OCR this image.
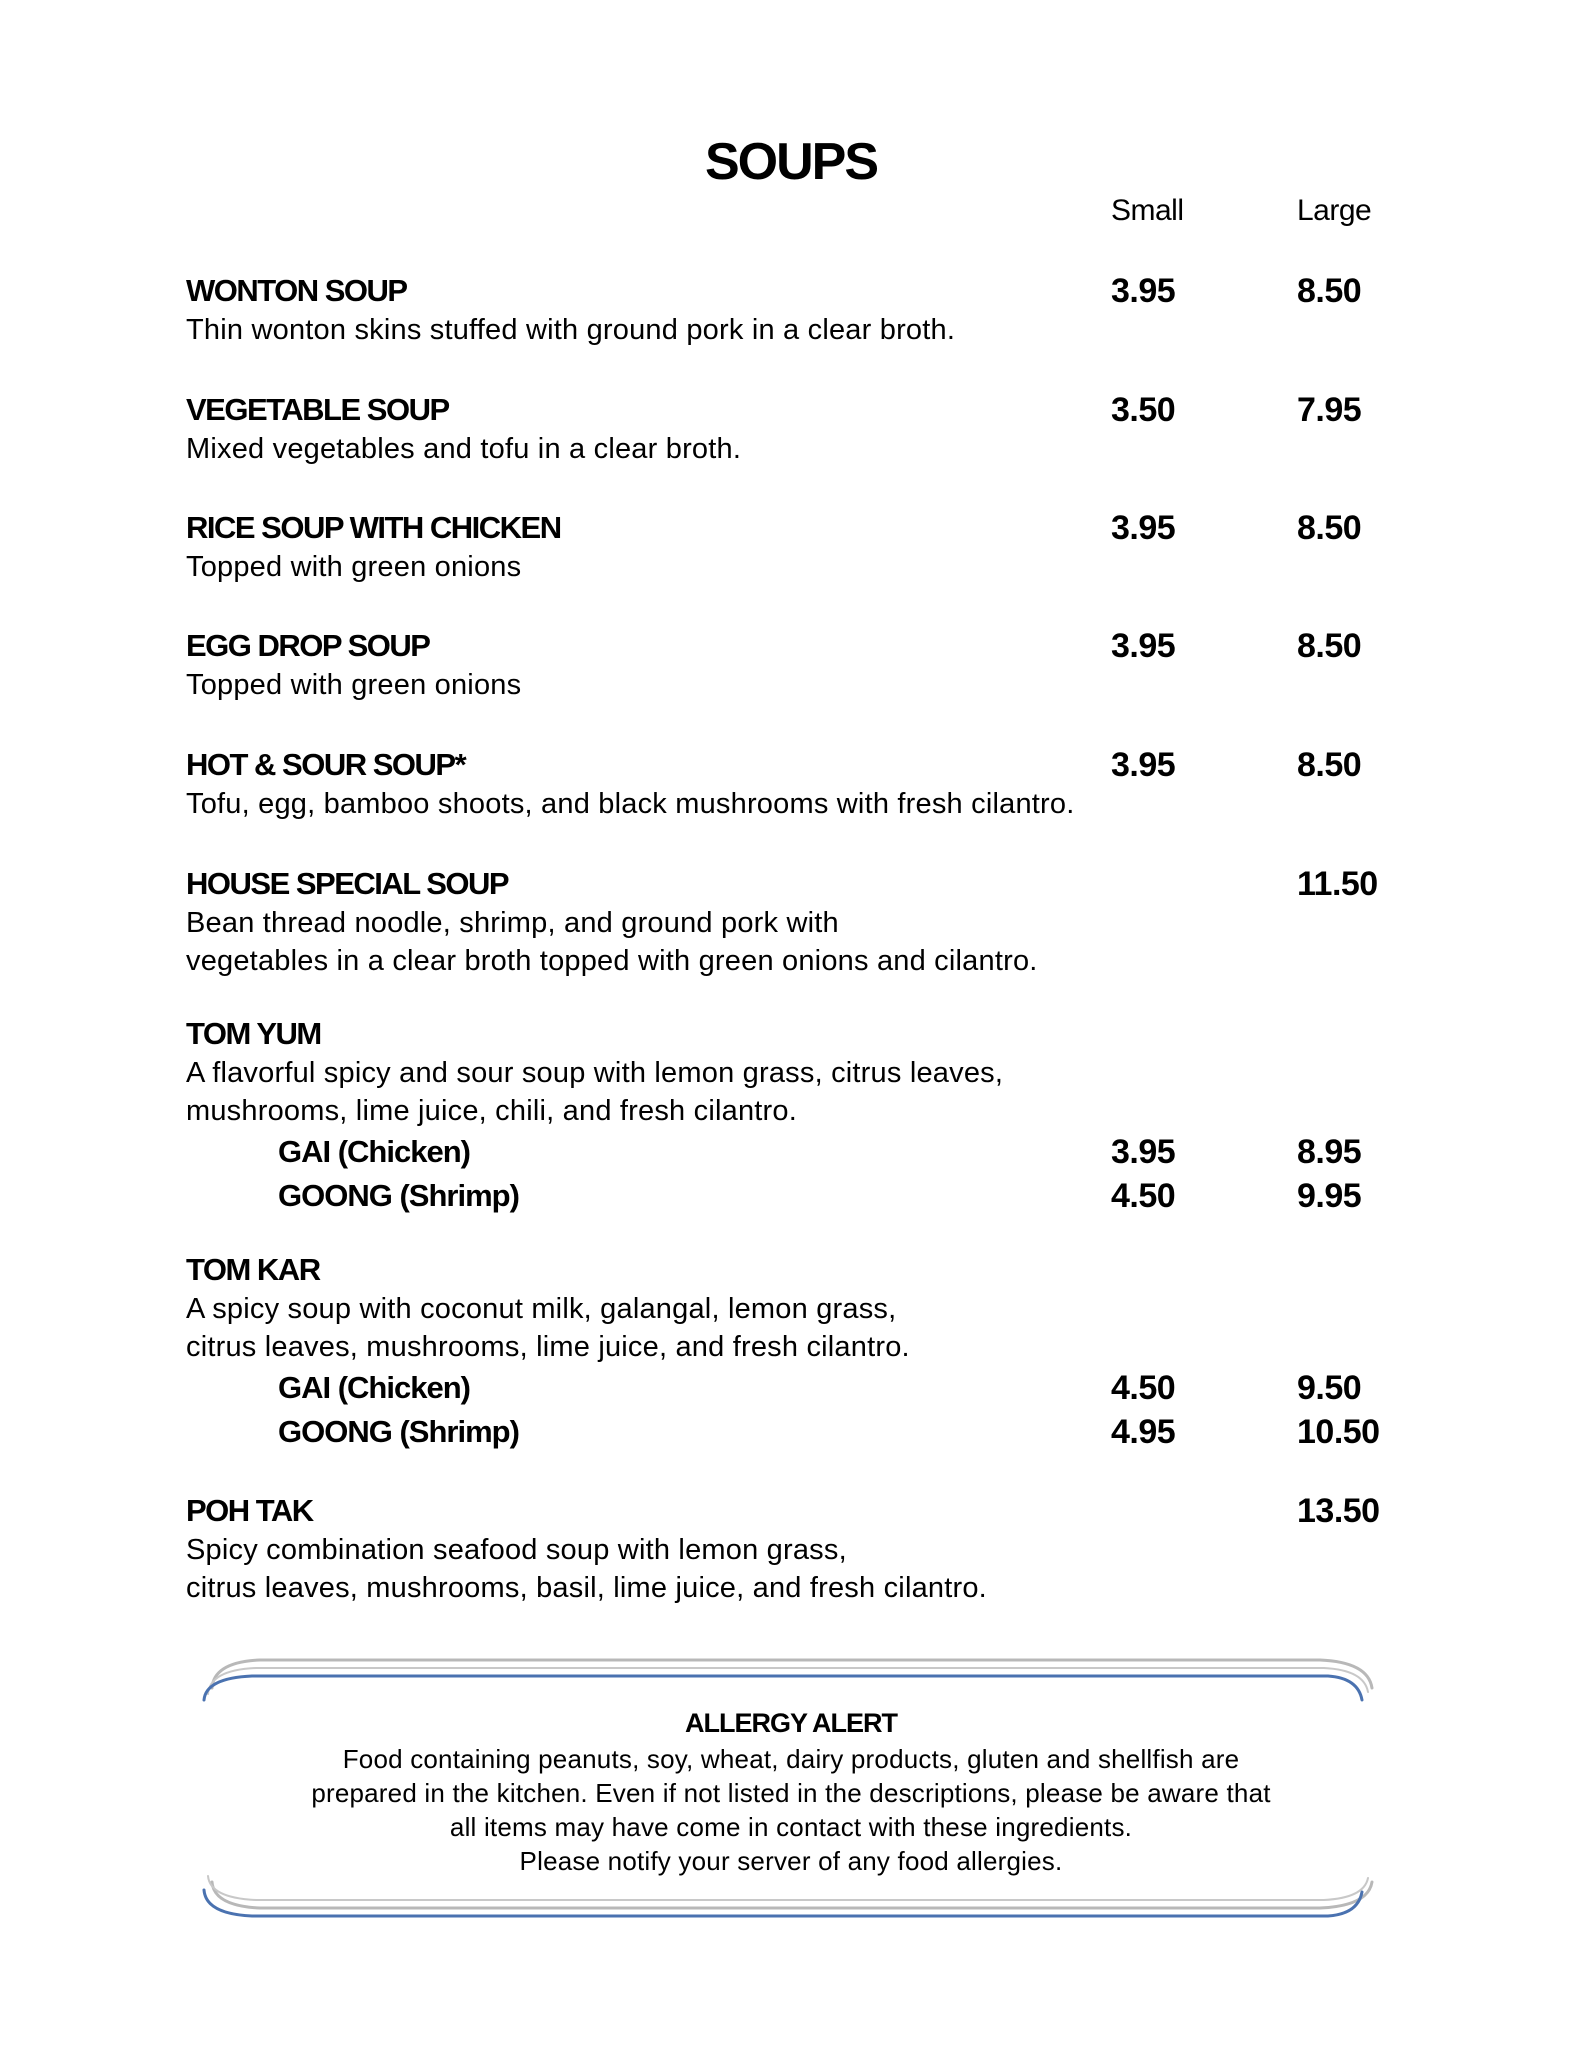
SOUPS
Small	Large
WONTON SOUP
Thin wonton skins stuffed with ground pork in a clear broth.
3.95	8.50
VEGETABLE SOUP
Mixed vegetables and tofu in a clear broth.
3.50	7.95
RICE SOUP WITH CHICKEN
Topped with green onions
3.95	8.50
EGG DROP SOUP
Topped with green onions
3.95	8.50
HOT & SOUR SOUP*
Tofu, egg, bamboo shoots, and black mushrooms with fresh cilantro.
3.95	8.50
HOUSE SPECIAL SOUP
Bean thread noodle, shrimp, and ground pork with
vegetables in a clear broth topped with green onions and cilantro.
11.50
TOM YUM
A flavorful spicy and sour soup with lemon grass, citrus leaves,
mushrooms, lime juice, chili, and fresh cilantro.
GAI (Chicken)	3.95	8.95
GOONG (Shrimp)	4.50	9.95
TOM KAR
A spicy soup with coconut milk, galangal, lemon grass,
citrus leaves, mushrooms, lime juice, and fresh cilantro.
GAI (Chicken)	4.50	9.50
GOONG (Shrimp)	4.95	10.50
POH TAK
Spicy combination seafood soup with lemon grass,
citrus leaves, mushrooms, basil, lime juice, and fresh cilantro.
13.50
ALLERGY ALERT
Food containing peanuts, soy, wheat, dairy products, gluten and shellfish are
prepared in the kitchen. Even if not listed in the descriptions, please be aware that
all items may have come in contact with these ingredients.
Please notify your server of any food allergies.
